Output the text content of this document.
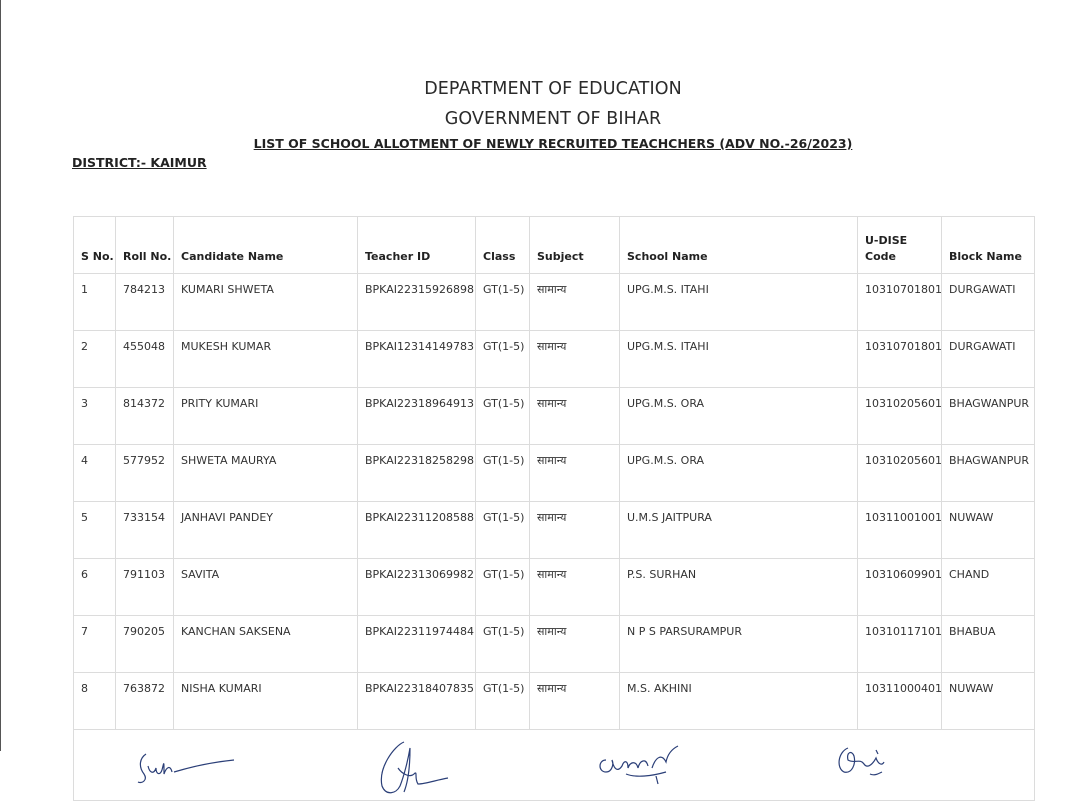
DEPARTMENT OF EDUCATION
GOVERNMENT OF BIHAR
LIST OF SCHOOL ALLOTMENT OF NEWLY RECRUITED TEACHCHERS (ADV NO.-26/2023)
DISTRICT:- KAIMUR
S No.	Roll No.	Candidate Name	Teacher ID	Class	Subject	School Name	U-DISE Code	Block Name
1	784213	KUMARI SHWETA	BPKAI22315926898	GT(1-5)	सामान्य	UPG.M.S. ITAHI	10310701801	DURGAWATI
2	455048	MUKESH KUMAR	BPKAI12314149783	GT(1-5)	सामान्य	UPG.M.S. ITAHI	10310701801	DURGAWATI
3	814372	PRITY KUMARI	BPKAI22318964913	GT(1-5)	सामान्य	UPG.M.S. ORA	10310205601	BHAGWANPUR
4	577952	SHWETA MAURYA	BPKAI22318258298	GT(1-5)	सामान्य	UPG.M.S. ORA	10310205601	BHAGWANPUR
5	733154	JANHAVI PANDEY	BPKAI22311208588	GT(1-5)	सामान्य	U.M.S JAITPURA	10311001001	NUWAW
6	791103	SAVITA	BPKAI22313069982	GT(1-5)	सामान्य	P.S. SURHAN	10310609901	CHAND
7	790205	KANCHAN SAKSENA	BPKAI22311974484	GT(1-5)	सामान्य	N P S PARSURAMPUR	10310117101	BHABUA
8	763872	NISHA KUMARI	BPKAI22318407835	GT(1-5)	सामान्य	M.S. AKHINI	10311000401	NUWAW
